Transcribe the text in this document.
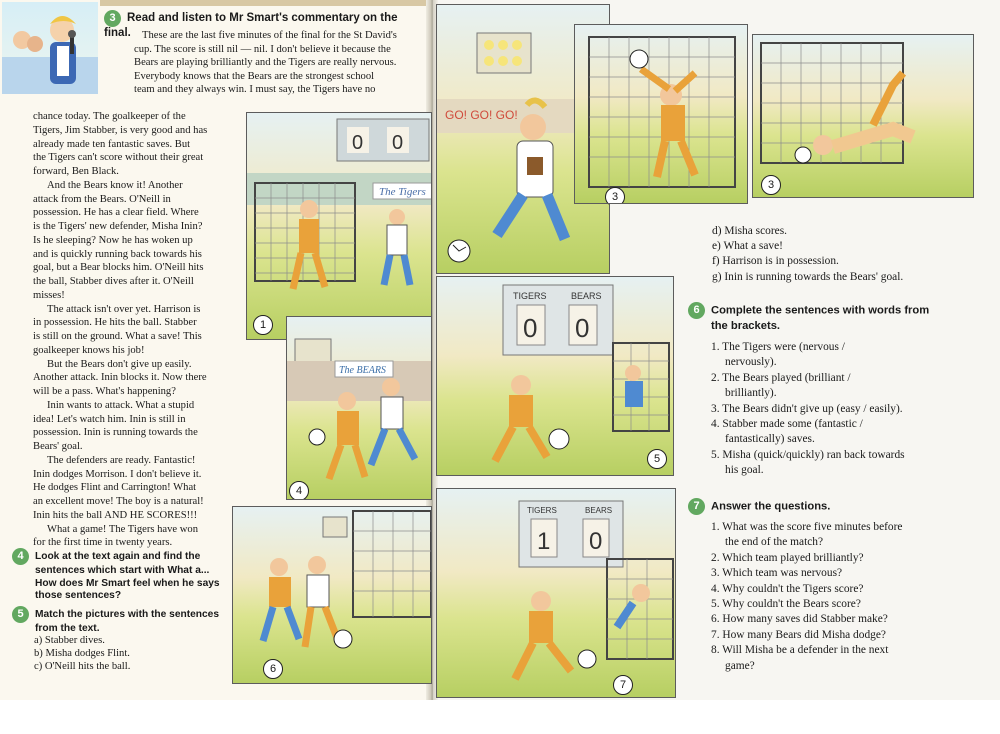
3 Read and listen to Mr Smart's commentary on the final.	These are the last five minutes of the final for the St David's
cup. The score is still nil — nil. I don't believe it because the
Bears are playing brilliantly and the Tigers are really nervous.
Everybody knows that the Bears are the strongest school
team and they always win. I must say, the Tigers have no
chance today. The goalkeeper of the
Tigers, Jim Stabber, is very good and has
already made ten fantastic saves. But
the Tigers can't score without their great
forward, Ben Black.
And the Bears know it! Another
attack from the Bears. O'Neill in
possession. He has a clear field. Where
is the Tigers' new defender, Misha Inin?
Is he sleeping? Now he has woken up
and is quickly running back towards his
goal, but a Bear blocks him. O'Neill hits
the ball, Stabber dives after it. O'Neill
misses!
The attack isn't over yet. Harrison is
in possession. He hits the ball. Stabber
is still on the ground. What a save! This
goalkeeper knows his job!
But the Bears don't give up easily.
Another attack. Inin blocks it. Now there
will be a pass. What's happening?
Inin wants to attack. What a stupid
idea! Let's watch him. Inin is still in
possession. Inin is running towards the
Bears' goal.
The defenders are ready. Fantastic!
Inin dodges Morrison. I don't believe it.
He dodges Flint and Carrington! What
an excellent move! The boy is a natural!
Inin hits the ball AND HE SCORES!!!
What a game! The Tigers have won
for the first time in twenty years.
4 Look at the text again and find the
sentences which start with What a...
How does Mr Smart feel when he says
those sentences?
5 Match the pictures with the sentences
from the text.
a) Stabber dives.
b) Misha dodges Flint.
c) O'Neill hits the ball.
0 0
The Tigers
1
GO! GO! GO!
3
3
The BEARS
4
TIGERS	BEARS
0 0
5
6
TIGERS	BEARS
1 0
7
d) Misha scores.
e) What a save!
f) Harrison is in possession.
g) Inin is running towards the Bears' goal.
6 Complete the sentences with words from
the brackets.
1. The Tigers were (nervous /
nervously).
2. The Bears played (brilliant /
brilliantly).
3. The Bears didn't give up (easy / easily).
4. Stabber made some (fantastic /
fantastically) saves.
5. Misha (quick/quickly) ran back towards
his goal.
7 Answer the questions.
1. What was the score five minutes before
the end of the match?
2. Which team played brilliantly?
3. Which team was nervous?
4. Why couldn't the Tigers score?
5. Why couldn't the Bears score?
6. How many saves did Stabber make?
7. How many Bears did Misha dodge?
8. Will Misha be a defender in the next
game?
